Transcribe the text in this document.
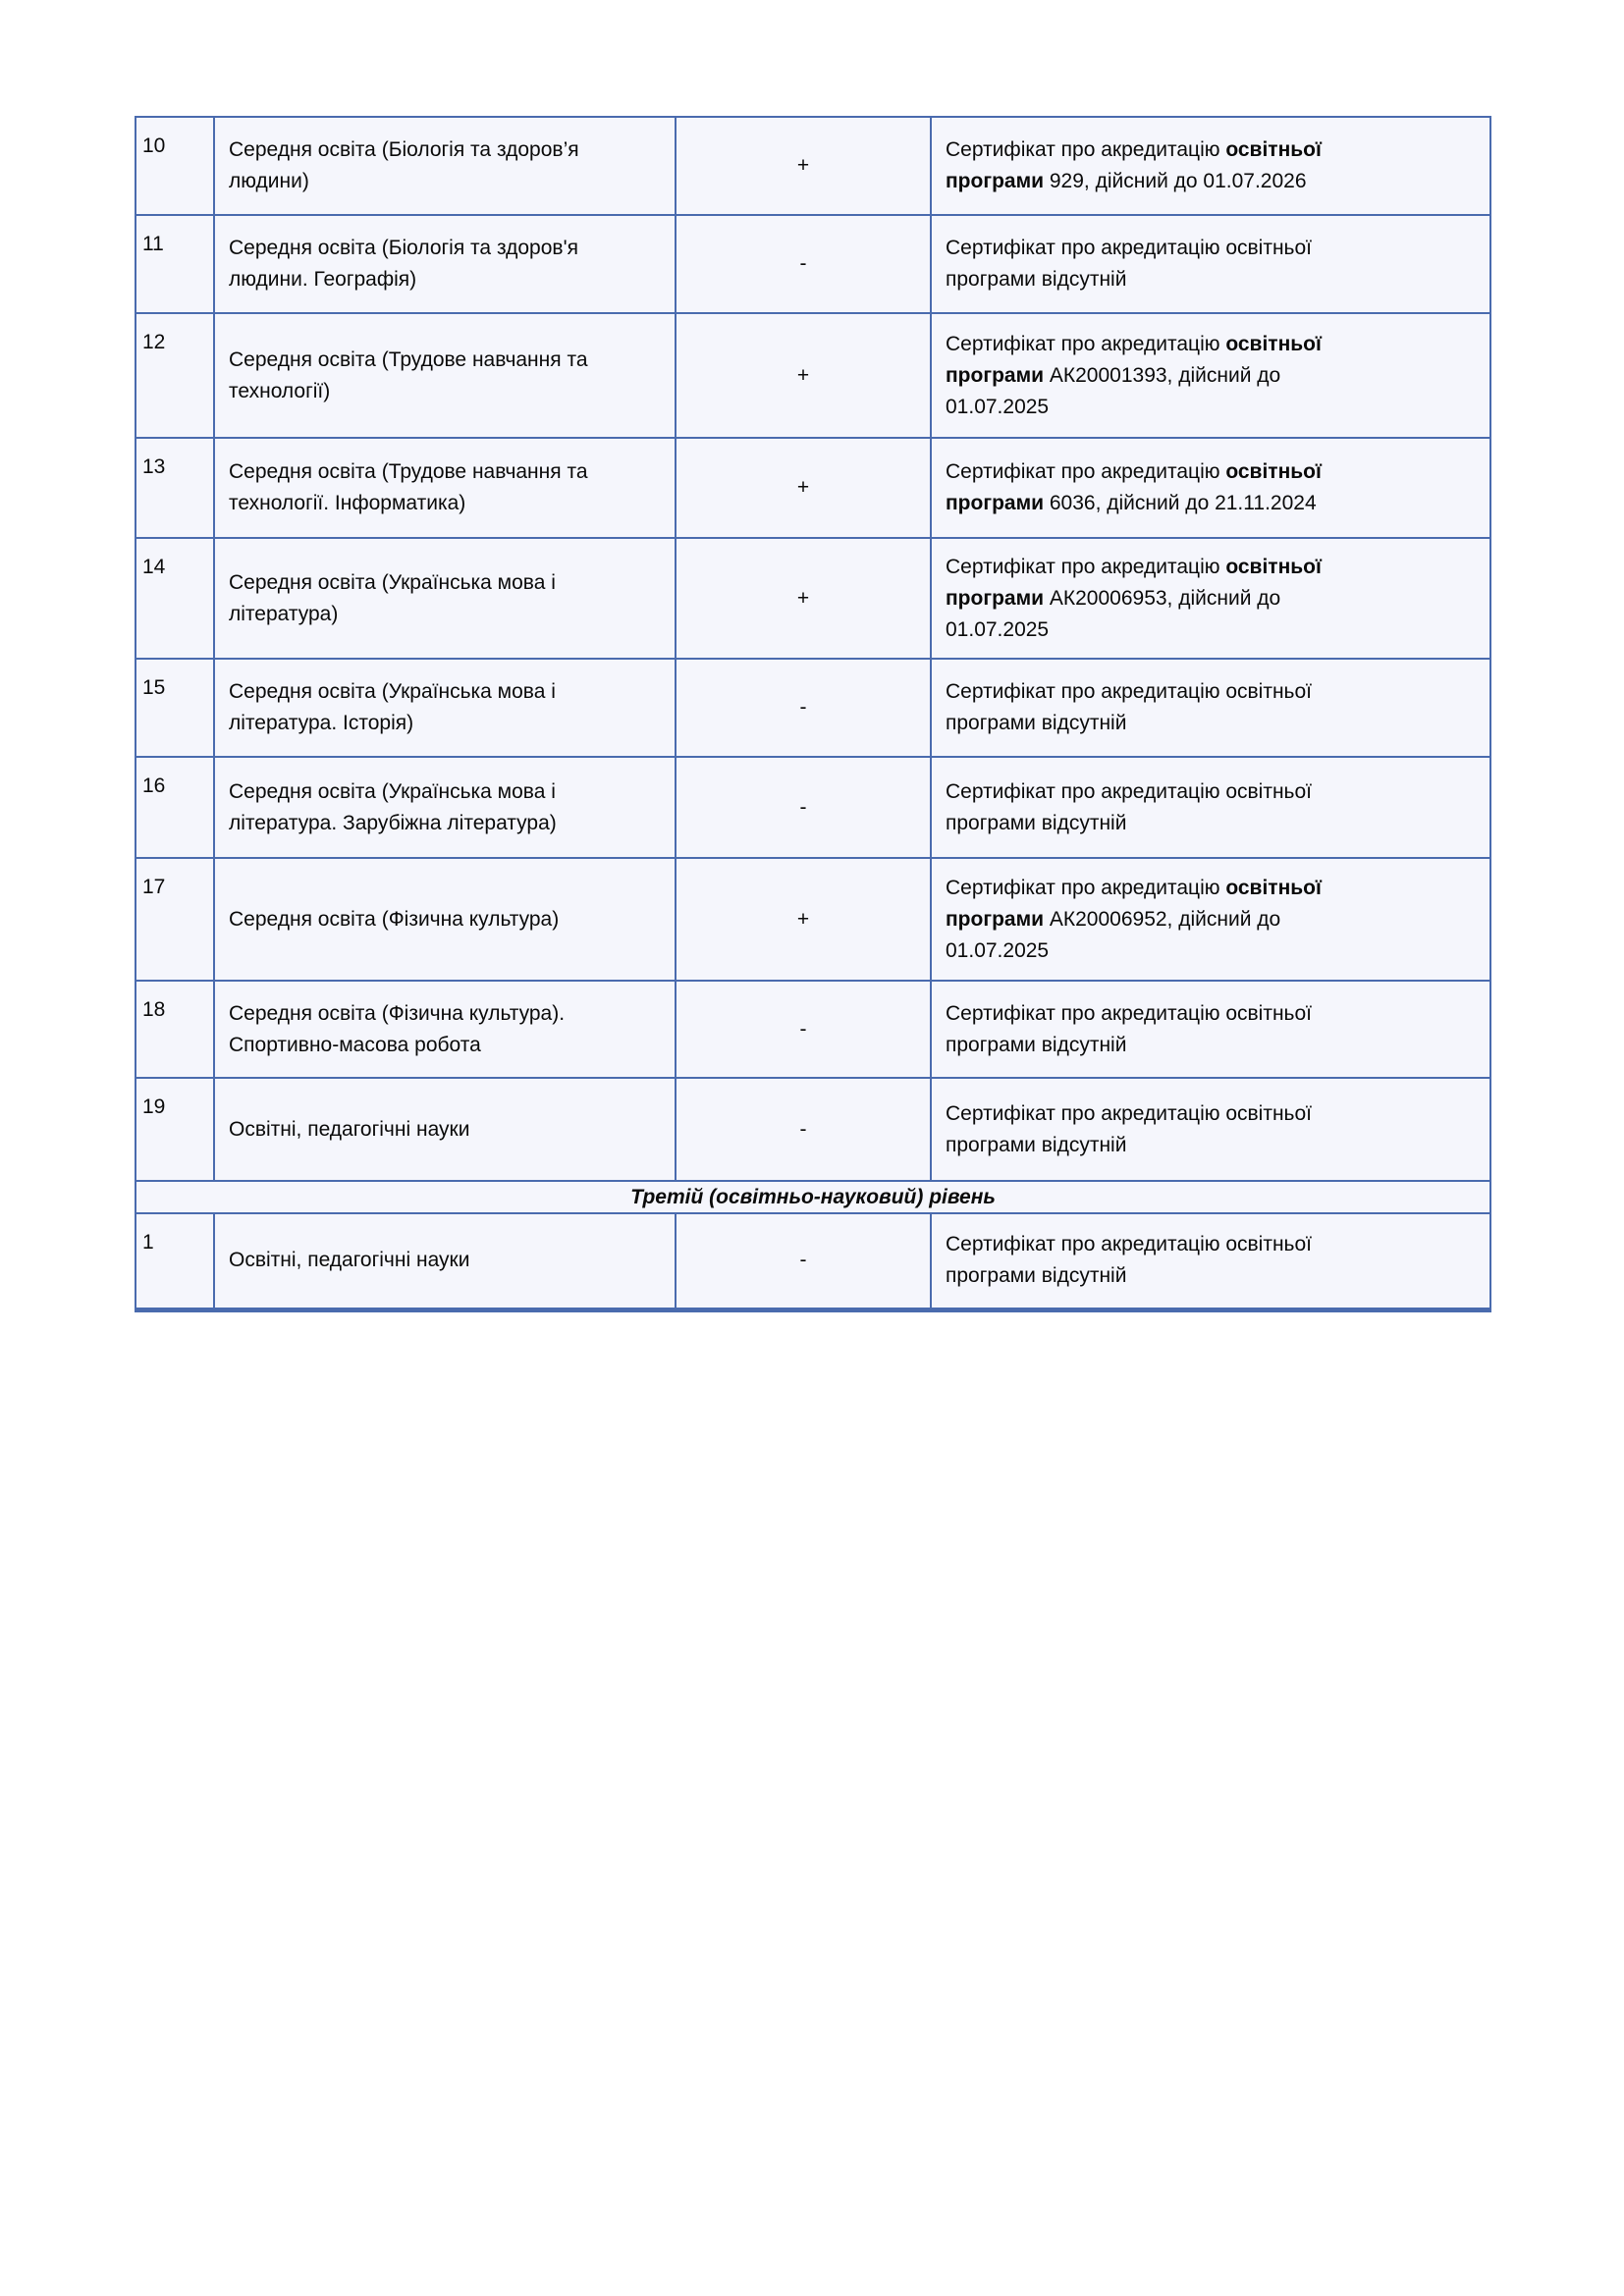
10	Середня освіта (Біологія та здоров’я людини)	+	Сертифікат про акредитацію освітньої програми 929, дійсний до 01.07.2026
11	Середня освіта (Біологія та здоров'я людини. Географія)	-	Сертифікат про акредитацію освітньої програми відсутній
12	Середня освіта (Трудове навчання та технології)	+	Сертифікат про акредитацію освітньої програми АК20001393, дійсний до 01.07.2025
13	Середня освіта (Трудове навчання та технології. Інформатика)	+	Сертифікат про акредитацію освітньої програми 6036, дійсний до 21.11.2024
14	Середня освіта (Українська мова і література)	+	Сертифікат про акредитацію освітньої програми АК20006953, дійсний до 01.07.2025
15	Середня освіта (Українська мова і література. Історія)	-	Сертифікат про акредитацію освітньої програми відсутній
16	Середня освіта (Українська мова і література. Зарубіжна література)	-	Сертифікат про акредитацію освітньої програми відсутній
17	Середня освіта (Фізична культура)	+	Сертифікат про акредитацію освітньої програми АК20006952, дійсний до 01.07.2025
18	Середня освіта (Фізична культура). Спортивно-масова робота	-	Сертифікат про акредитацію освітньої програми відсутній
19	Освітні, педагогічні науки	-	Сертифікат про акредитацію освітньої програми відсутній
Третій (освітньо-науковий) рівень			
1	Освітні, педагогічні науки	-	Сертифікат про акредитацію освітньої програми відсутній
